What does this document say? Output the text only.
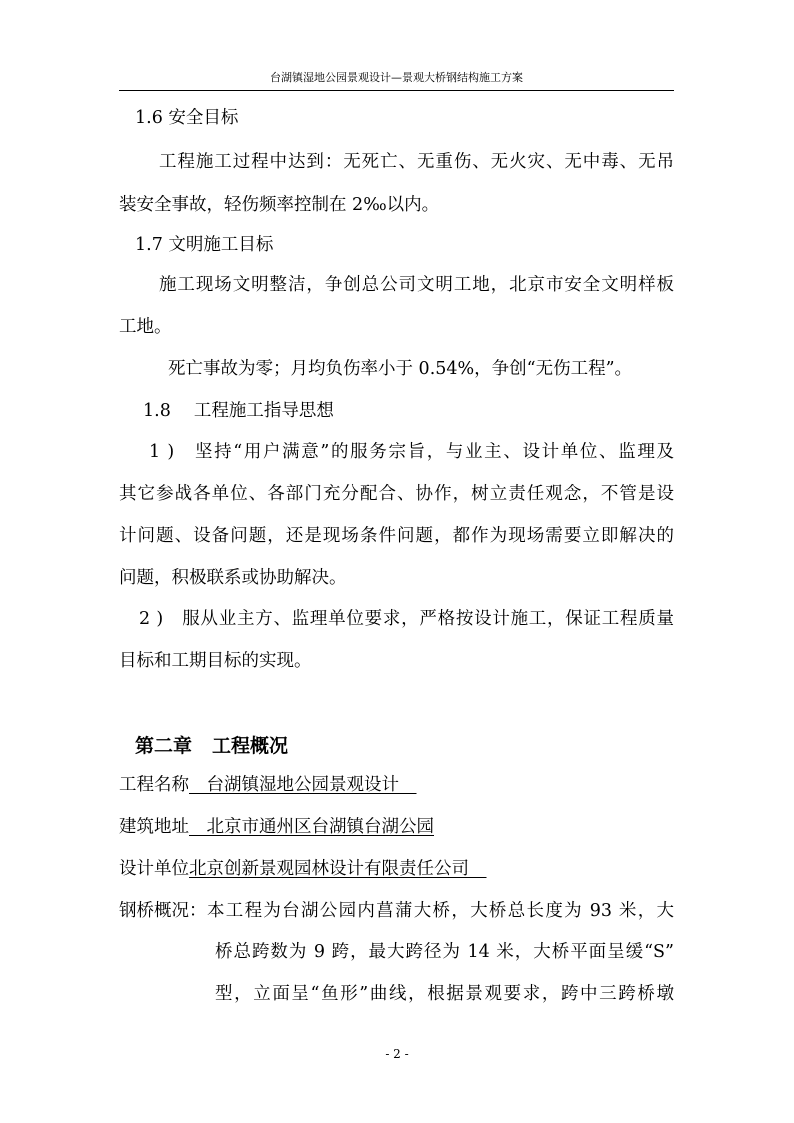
台湖镇湿地公园景观设计—景观大桥钢结构施工方案
1.6 安全目标
工程施工过程中达到：无死亡、无重伤、无火灾、无中毒、无吊
装安全事故，轻伤频率控制在 2‰以内。
1.7 文明施工目标
施工现场文明整洁，争创总公司文明工地，北京市安全文明样板
工地。
死亡事故为零；月均负伤率小于 0.54%，争创“无伤工程”。
1.8　 工程施工指导思想
1 )　坚持“用户满意”的服务宗旨，与业主、设计单位、监理及
其它参战各单位、各部门充分配合、协作，树立责任观念，不管是设
计问题、设备问题，还是现场条件问题，都作为现场需要立即解决的
问题，积极联系或协助解决。
2 )　服从业主方、监理单位要求，严格按设计施工，保证工程质量
目标和工期目标的实现。
第二章 工程概况
工程名称　台湖镇湿地公园景观设计　
建筑地址　北京市通州区台湖镇台湖公园
设计单位北京创新景观园林设计有限责任公司　
钢桥概况： 本工程为台湖公园内菖蒲大桥，大桥总长度为 93 米，大
桥总跨数为 9 跨，最大跨径为 14 米，大桥平面呈缓“S”
型，立面呈“鱼形”曲线，根据景观要求，跨中三跨桥墩
- 2 -
